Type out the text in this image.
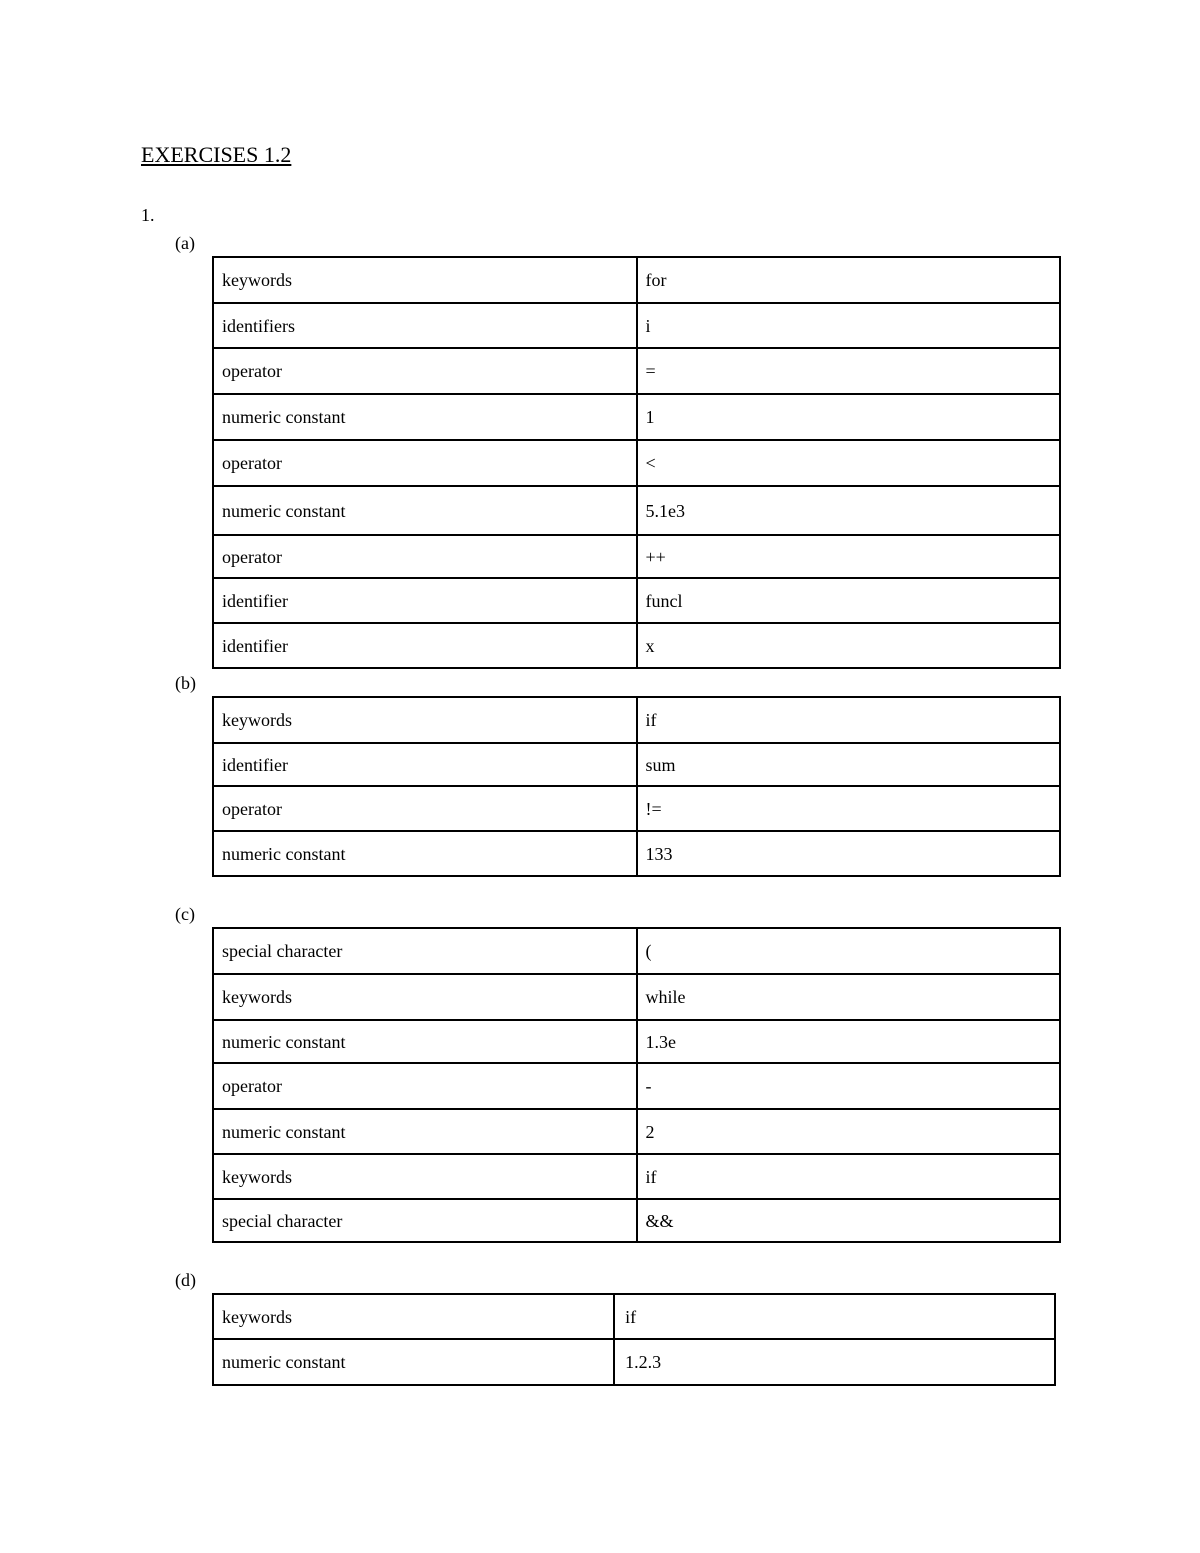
EXERCISES 1.2
1.
(a)
keywords	for
identifiers	i
operator	=
numeric constant	1
operator	<
numeric constant	5.1e3
operator	++
identifier	funcl
identifier	x
(b)
keywords	if
identifier	sum
operator	!=
numeric constant	133
(c)
special character	(
keywords	while
numeric constant	1.3e
operator	-
numeric constant	2
keywords	if
special character	&&
(d)
keywords	if
numeric constant	1.2.3
